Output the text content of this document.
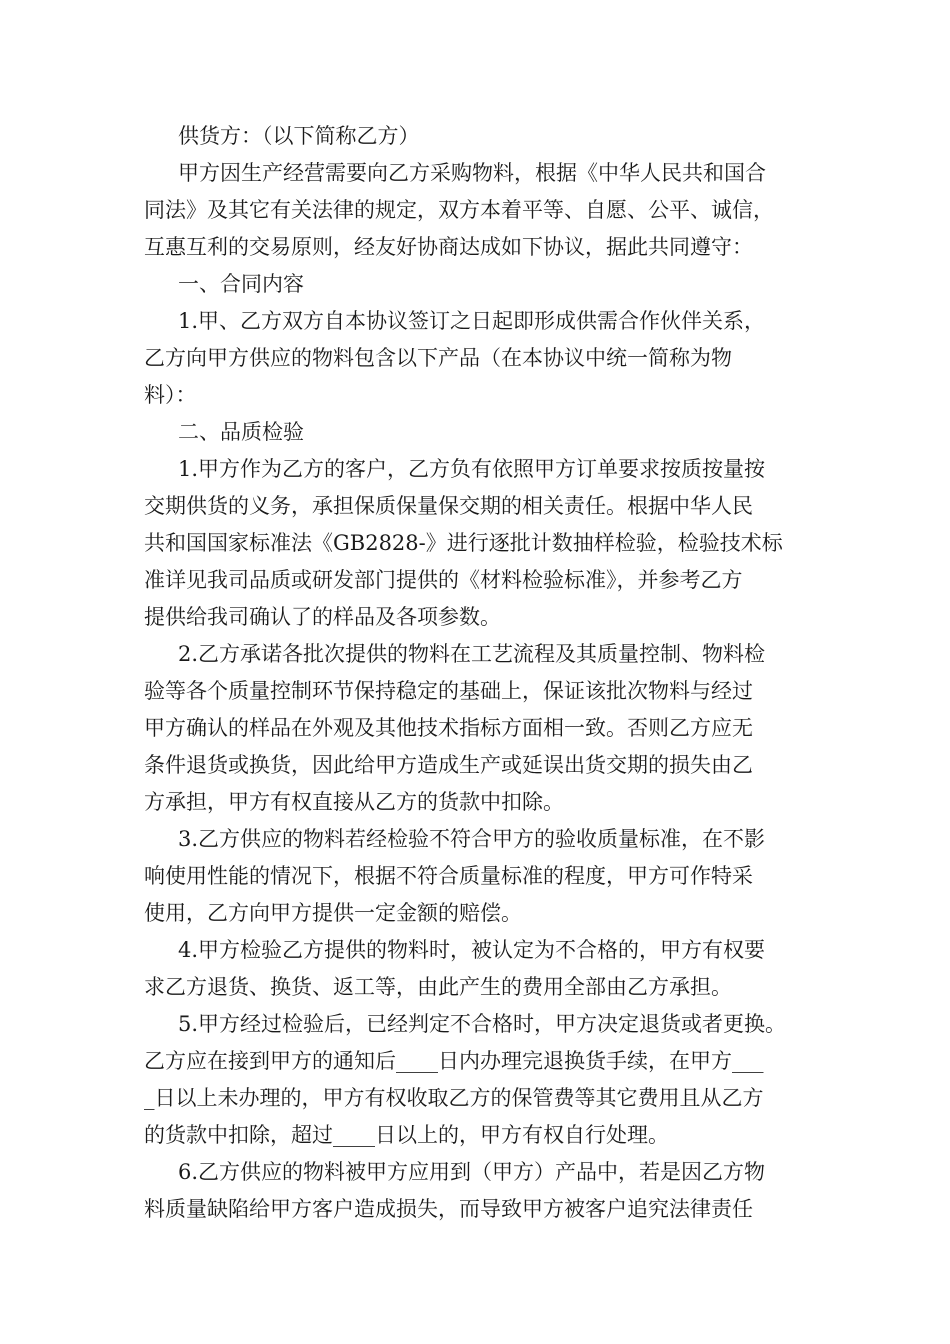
供货方：（以下简称乙方）
甲方因生产经营需要向乙方采购物料，根据《中华人民共和国合
同法》及其它有关法律的规定，双方本着平等、自愿、公平、诚信，
互惠互利的交易原则，经友好协商达成如下协议，据此共同遵守：
一、合同内容
1.甲、乙方双方自本协议签订之日起即形成供需合作伙伴关系，
乙方向甲方供应的物料包含以下产品（在本协议中统一简称为物
料）：
二、品质检验
1.甲方作为乙方的客户，乙方负有依照甲方订单要求按质按量按
交期供货的义务，承担保质保量保交期的相关责任。根据中华人民
共和国国家标准法《GB2828-》进行逐批计数抽样检验，检验技术标
准详见我司品质或研发部门提供的《材料检验标准》，并参考乙方
提供给我司确认了的样品及各项参数。
2.乙方承诺各批次提供的物料在工艺流程及其质量控制、物料检
验等各个质量控制环节保持稳定的基础上，保证该批次物料与经过
甲方确认的样品在外观及其他技术指标方面相一致。否则乙方应无
条件退货或换货，因此给甲方造成生产或延误出货交期的损失由乙
方承担，甲方有权直接从乙方的货款中扣除。
3.乙方供应的物料若经检验不符合甲方的验收质量标准，在不影
响使用性能的情况下，根据不符合质量标准的程度，甲方可作特采
使用，乙方向甲方提供一定金额的赔偿。
4.甲方检验乙方提供的物料时，被认定为不合格的，甲方有权要
求乙方退货、换货、返工等，由此产生的费用全部由乙方承担。
5.甲方经过检验后，已经判定不合格时，甲方决定退货或者更换。
乙方应在接到甲方的通知后____日内办理完退换货手续，在甲方___
_日以上未办理的，甲方有权收取乙方的保管费等其它费用且从乙方
的货款中扣除，超过____日以上的，甲方有权自行处理。
6.乙方供应的物料被甲方应用到（甲方）产品中，若是因乙方物
料质量缺陷给甲方客户造成损失，而导致甲方被客户追究法律责任
